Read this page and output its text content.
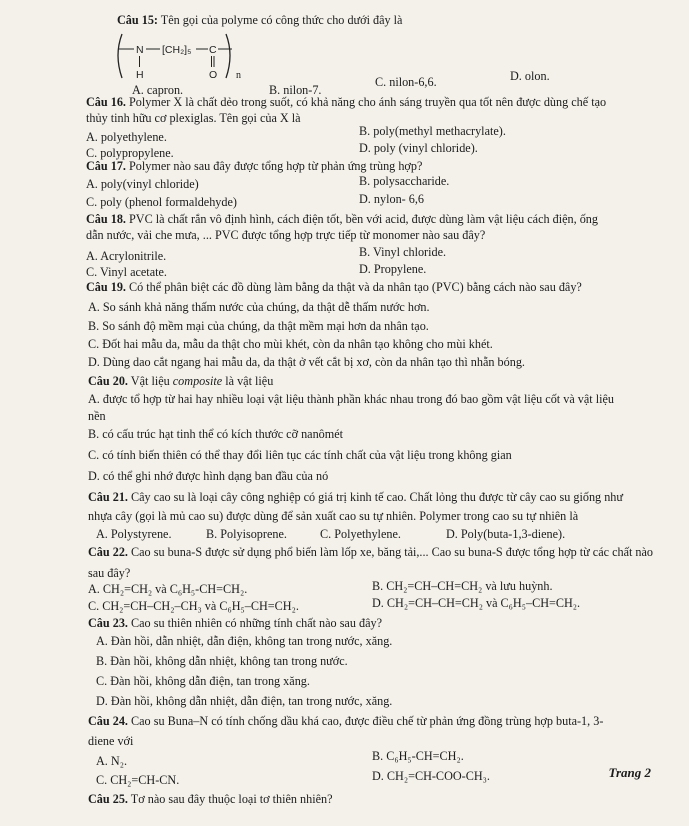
Câu 15: Tên gọi của polyme có công thức cho dưới đây là
N
H
[CH₂]₅ C
O n
A. capron.	B. nilon-7.
C. nilon-6,6.	D. olon.
Câu 16. Polymer X là chất dẻo trong suốt, có khả năng cho ánh sáng truyền qua tốt nên được dùng chế tạo
thủy tinh hữu cơ plexiglas. Tên gọi của X là
A. polyethylene.	B. poly(methyl methacrylate).
C. polypropylene.	D. poly (vinyl chloride).
Câu 17. Polymer nào sau đây được tổng hợp từ phản ứng trùng hợp?
A. poly(vinyl chloride)	B. polysaccharide.
C. poly (phenol formaldehyde)	D. nylon- 6,6
Câu 18. PVC là chất rắn vô định hình, cách điện tốt, bền với acid, được dùng làm vật liệu cách điện, ống
dẫn nước, vải che mưa, ... PVC được tổng hợp trực tiếp từ monomer nào sau đây?
A. Acrylonitrile.	B. Vinyl chloride.
C. Vinyl acetate.	D. Propylene.
Câu 19. Có thể phân biệt các đồ dùng làm bằng da thật và da nhân tạo (PVC) bằng cách nào sau đây?
A. So sánh khả năng thấm nước của chúng, da thật dễ thấm nước hơn.
B. So sánh độ mềm mại của chúng, da thật mềm mại hơn da nhân tạo.
C. Đốt hai mẫu da, mẫu da thật cho mùi khét, còn da nhân tạo không cho mùi khét.
D. Dùng dao cắt ngang hai mẫu da, da thật ở vết cắt bị xơ, còn da nhân tạo thì nhẵn bóng.
Câu 20. Vật liệu composite là vật liệu
A. được tổ hợp từ hai hay nhiều loại vật liệu thành phần khác nhau trong đó bao gồm vật liệu cốt và vật liệu
nền
B. có cấu trúc hạt tinh thể có kích thước cỡ nanômét
C. có tính biến thiên có thể thay đổi liên tục các tính chất của vật liệu trong không gian
D. có thể ghi nhớ được hình dạng ban đầu của nó
Câu 21. Cây cao su là loại cây công nghiệp có giá trị kinh tế cao. Chất lỏng thu được từ cây cao su giống như
nhựa cây (gọi là mủ cao su) được dùng để sản xuất cao su tự nhiên. Polymer trong cao su tự nhiên là
A. Polystyrene.	B. Polyisoprene.	C. Polyethylene.	D. Poly(buta-1,3-diene).
Câu 22. Cao su buna-S được sử dụng phổ biến làm lốp xe, băng tải,... Cao su buna-S được tổng hợp từ các chất nào
sau đây?
A. CH₂=CH₂ và C₆H₅-CH=CH₂.	B. CH₂=CH–CH=CH₂ và lưu huỳnh.
C. CH₂=CH–CH₂–CH₃ và C₆H₅–CH=CH₂.	D. CH₂=CH–CH=CH₂ và C₆H₅–CH=CH₂.
Câu 23. Cao su thiên nhiên có những tính chất nào sau đây?
A. Đàn hồi, dẫn nhiệt, dẫn điện, không tan trong nước, xăng.
B. Đàn hồi, không dẫn nhiệt, không tan trong nước.
C. Đàn hồi, không dẫn điện, tan trong xăng.
D. Đàn hồi, không dẫn nhiệt, dẫn điện, tan trong nước, xăng.
Câu 24. Cao su Buna–N có tính chống dầu khá cao, được điều chế từ phản ứng đồng trùng hợp buta-1, 3-
diene với
A. N₂.	B. C₆H₅-CH=CH₂.
C. CH₂=CH-CN.	D. CH₂=CH-COO-CH₃.
Câu 25. Tơ nào sau đây thuộc loại tơ thiên nhiên?
Trang 2
